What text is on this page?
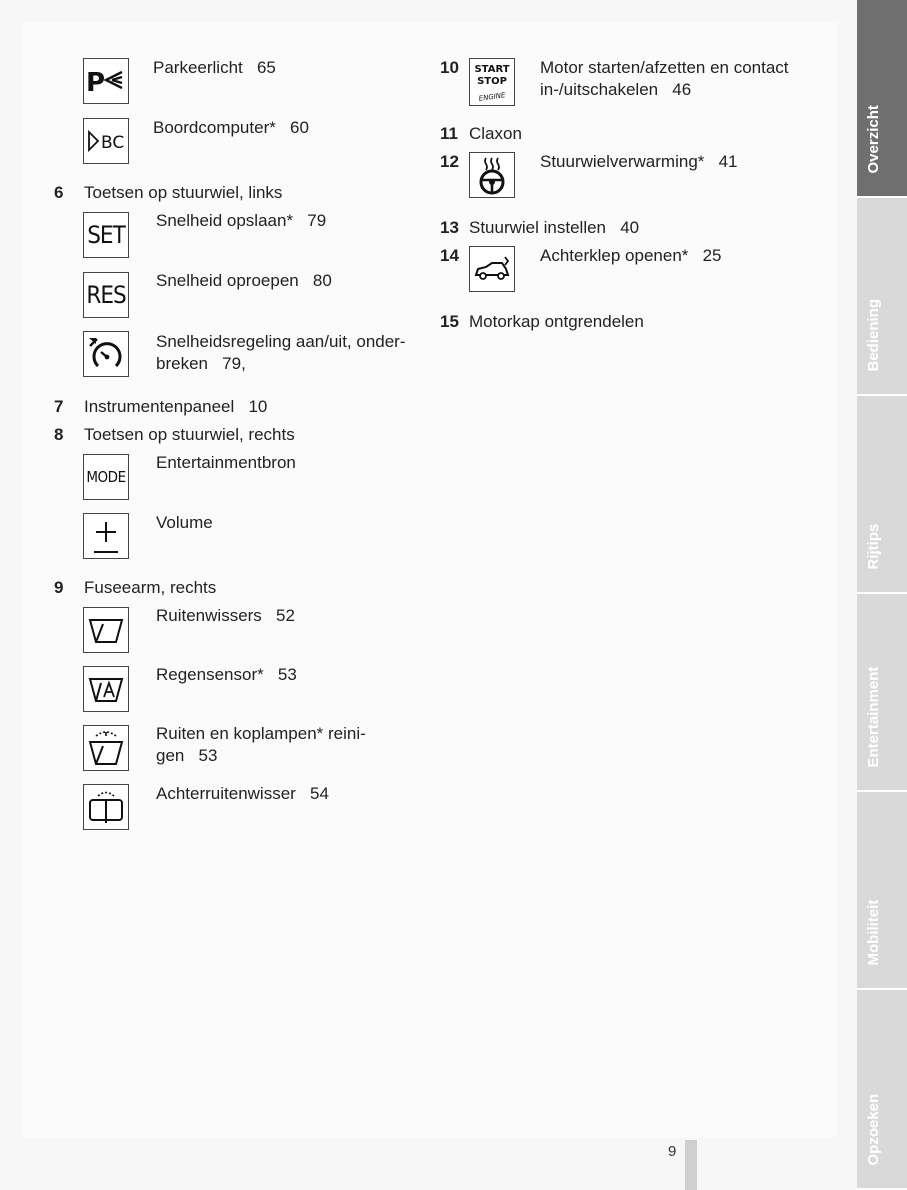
P
Parkeerlicht 65
BC
Boordcomputer* 60
6 Toetsen op stuurwiel, links
SET
Snelheid opslaan* 79
RES
Snelheid oproepen 80
Snelheidsregeling aan/uit, onder-
breken 79,
7 Instrumentenpaneel 10
8 Toetsen op stuurwiel, rechts
MODE
Entertainmentbron
Volume
9 Fuseearm, rechts
Ruitenwissers 52
Regensensor* 53
Ruiten en koplampen* reini-
gen 53
Achterruitenwisser 54
10 START
STOP
ENGINE
Motor starten/afzetten en contact
in-/uitschakelen 46
11 Claxon
12	Stuurwielverwarming* 41
13 Stuurwiel instellen 40
14	Achterklep openen* 25
15 Motorkap ontgrendelen
Overzicht
Bediening
Rijtips
Entertainment
Mobiliteit
Opzoeken
9
